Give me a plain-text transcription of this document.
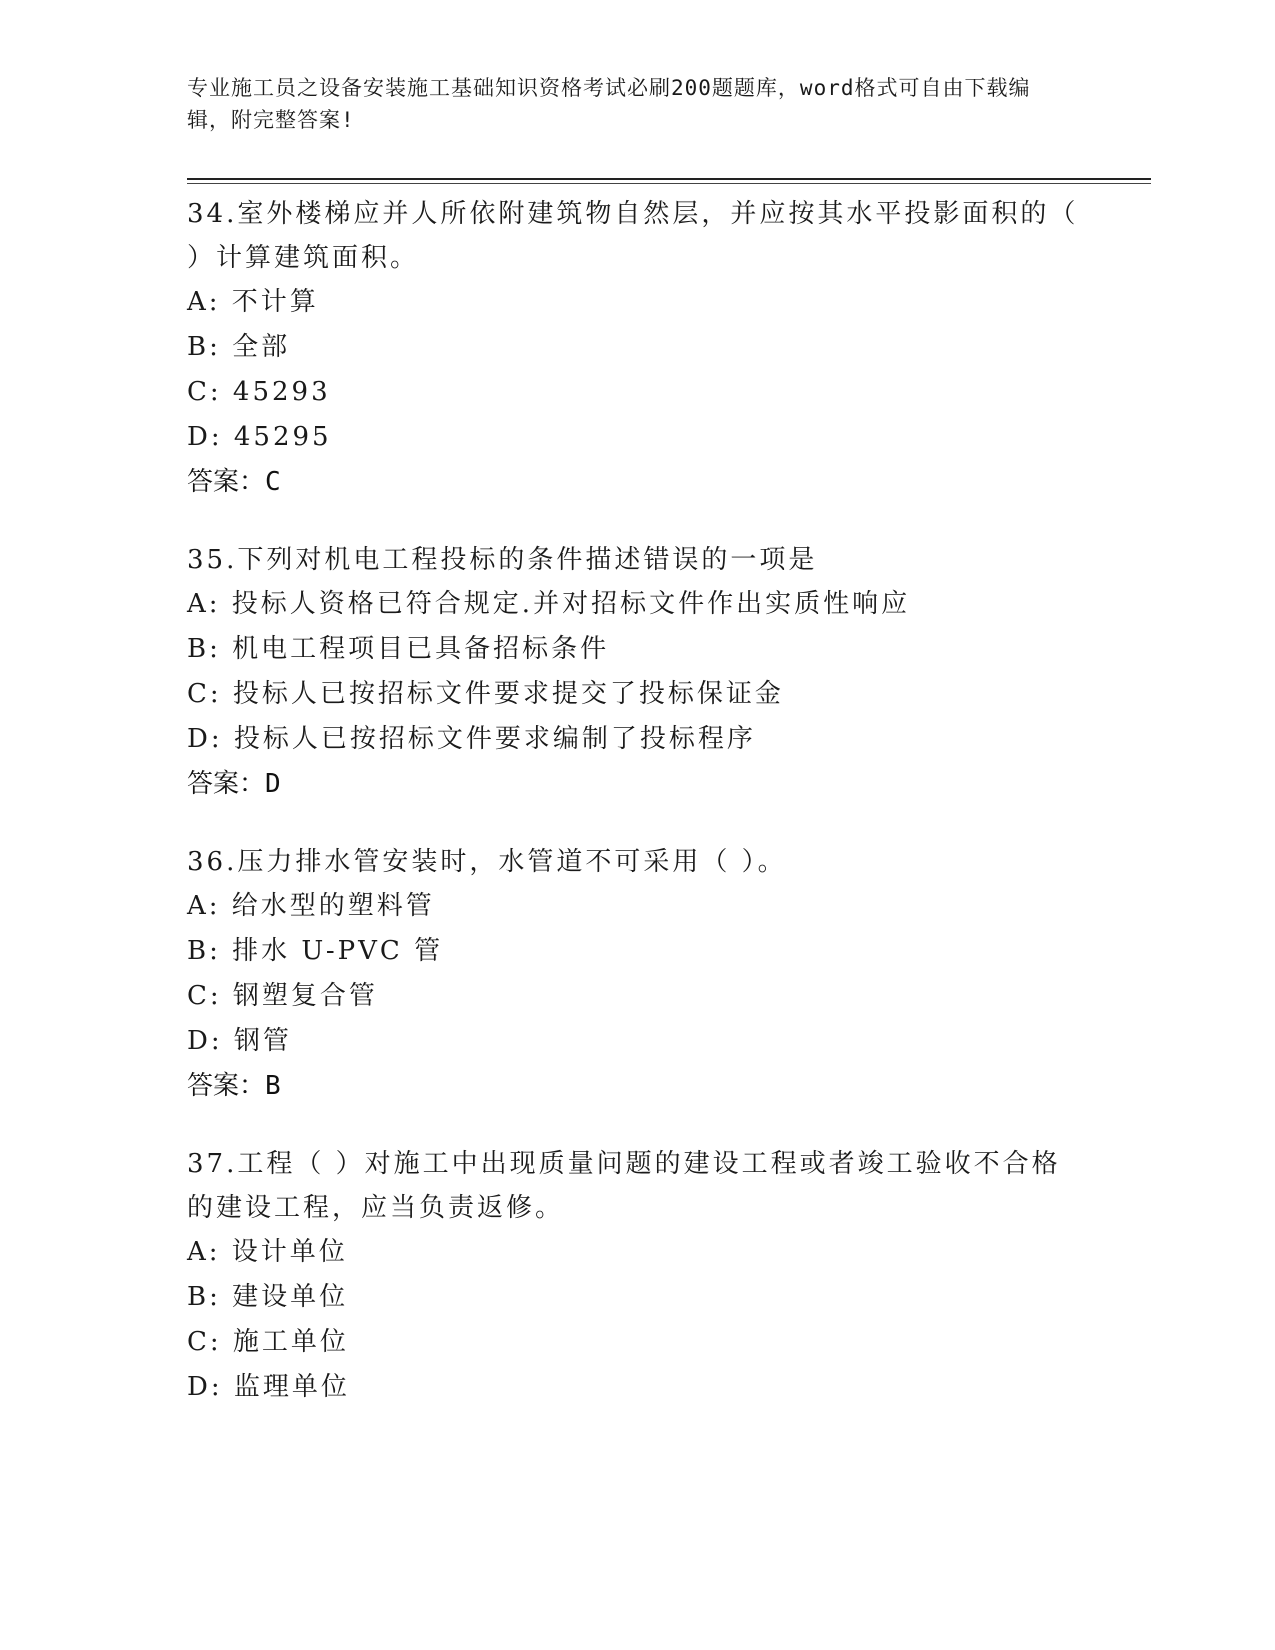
专业施工员之设备安装施工基础知识资格考试必刷200题题库，word格式可自由下载编辑，附完整答案!
34.室外楼梯应并人所依附建筑物自然层，并应按其水平投影面积的（ ）计算建筑面积。
A: 不计算
B: 全部
C: 45293
D: 45295
答案：C
35.下列对机电工程投标的条件描述错误的一项是
A: 投标人资格已符合规定.并对招标文件作出实质性响应
B: 机电工程项目已具备招标条件
C: 投标人已按招标文件要求提交了投标保证金
D: 投标人已按招标文件要求编制了投标程序
答案：D
36.压力排水管安装时，水管道不可采用（ ）。
A: 给水型的塑料管
B: 排水 U-PVC 管
C: 钢塑复合管
D: 钢管
答案：B
37.工程（ ）对施工中出现质量问题的建设工程或者竣工验收不合格的建设工程，应当负责返修。
A: 设计单位
B: 建设单位
C: 施工单位
D: 监理单位
